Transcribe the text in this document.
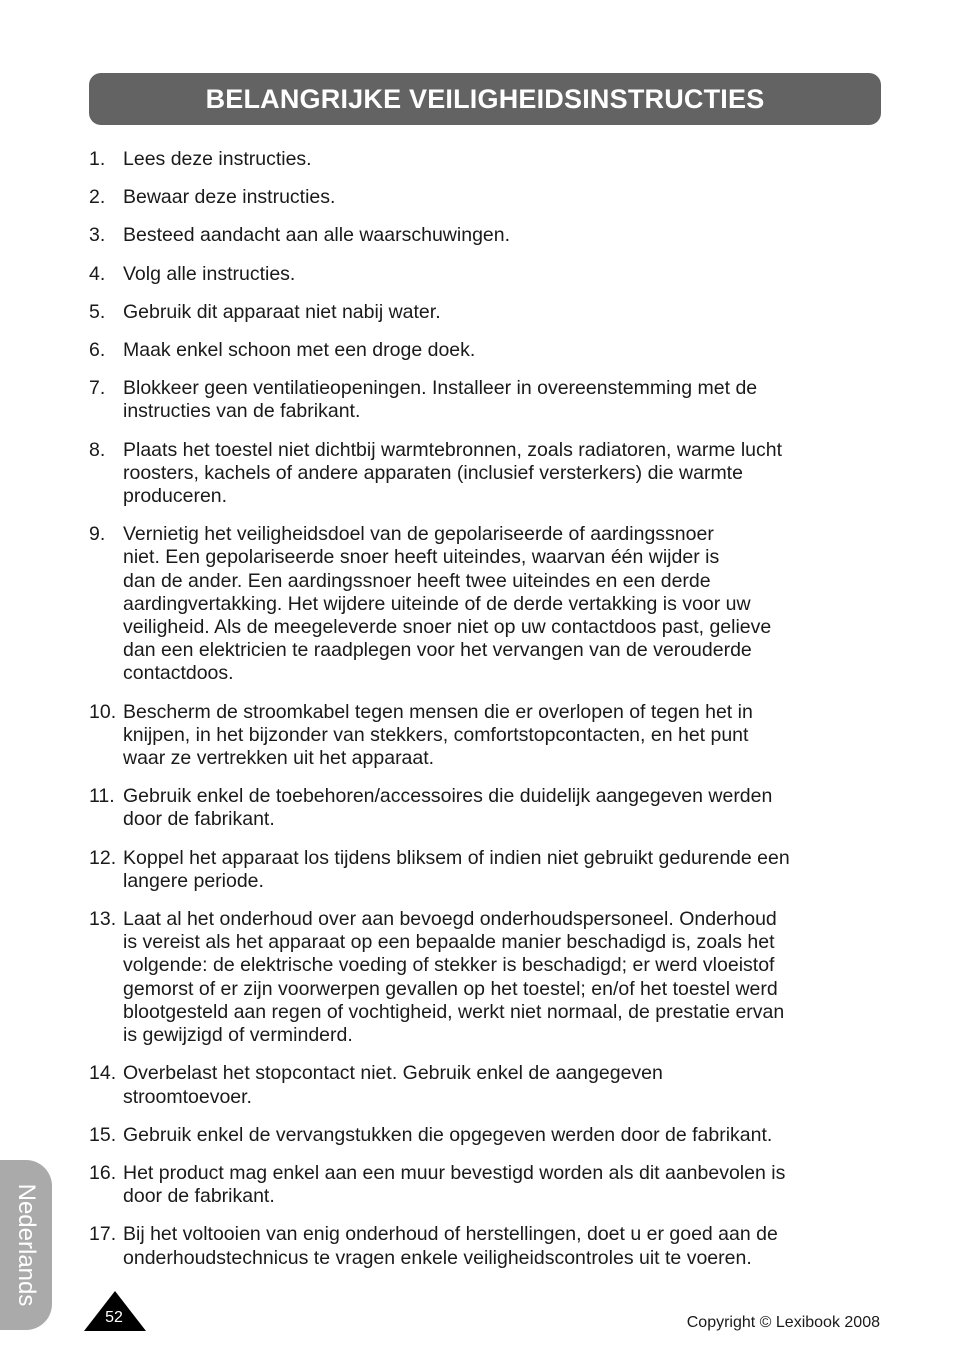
BELANGRIJKE VEILIGHEIDSINSTRUCTIES
1. Lees deze instructies.
2. Bewaar deze instructies.
3. Besteed aandacht aan alle waarschuwingen.
4. Volg alle instructies.
5. Gebruik dit apparaat niet nabij water.
6. Maak enkel schoon met een droge doek.
7. Blokkeer geen ventilatieopeningen. Installeer in overeenstemming met de
instructies van de fabrikant.
8. Plaats het toestel niet dichtbij warmtebronnen, zoals radiatoren, warme lucht
roosters, kachels of andere apparaten (inclusief versterkers) die warmte
produceren.
9. Vernietig het veiligheidsdoel van de gepolariseerde of aardingssnoer
niet. Een gepolariseerde snoer heeft uiteindes, waarvan één wijder is
dan de ander. Een aardingssnoer heeft twee uiteindes en een derde
aardingvertakking. Het wijdere uiteinde of de derde vertakking is voor uw
veiligheid. Als de meegeleverde snoer niet op uw contactdoos past, gelieve
dan een elektricien te raadplegen voor het vervangen van de verouderde
contactdoos.
10. Bescherm de stroomkabel tegen mensen die er overlopen of tegen het in
knijpen, in het bijzonder van stekkers, comfortstopcontacten, en het punt
waar ze vertrekken uit het apparaat.
11. Gebruik enkel de toebehoren/accessoires die duidelijk aangegeven werden
door de fabrikant.
12. Koppel het apparaat los tijdens bliksem of indien niet gebruikt gedurende een
langere periode.
13. Laat al het onderhoud over aan bevoegd onderhoudspersoneel. Onderhoud
is vereist als het apparaat op een bepaalde manier beschadigd is, zoals het
volgende: de elektrische voeding of stekker is beschadigd; er werd vloeistof
gemorst of er zijn voorwerpen gevallen op het toestel; en/of het toestel werd
blootgesteld aan regen of vochtigheid, werkt niet normaal, de prestatie ervan
is gewijzigd of verminderd.
14. Overbelast het stopcontact niet. Gebruik enkel de aangegeven
stroomtoevoer.
15. Gebruik enkel de vervangstukken die opgegeven werden door de fabrikant.
16. Het product mag enkel aan een muur bevestigd worden als dit aanbevolen is
door de fabrikant.
17. Bij het voltooien van enig onderhoud of herstellingen, doet u er goed aan de
onderhoudstechnicus te vragen enkele veiligheidscontroles uit te voeren.
Nederlands
52	Copyright © Lexibook 2008
